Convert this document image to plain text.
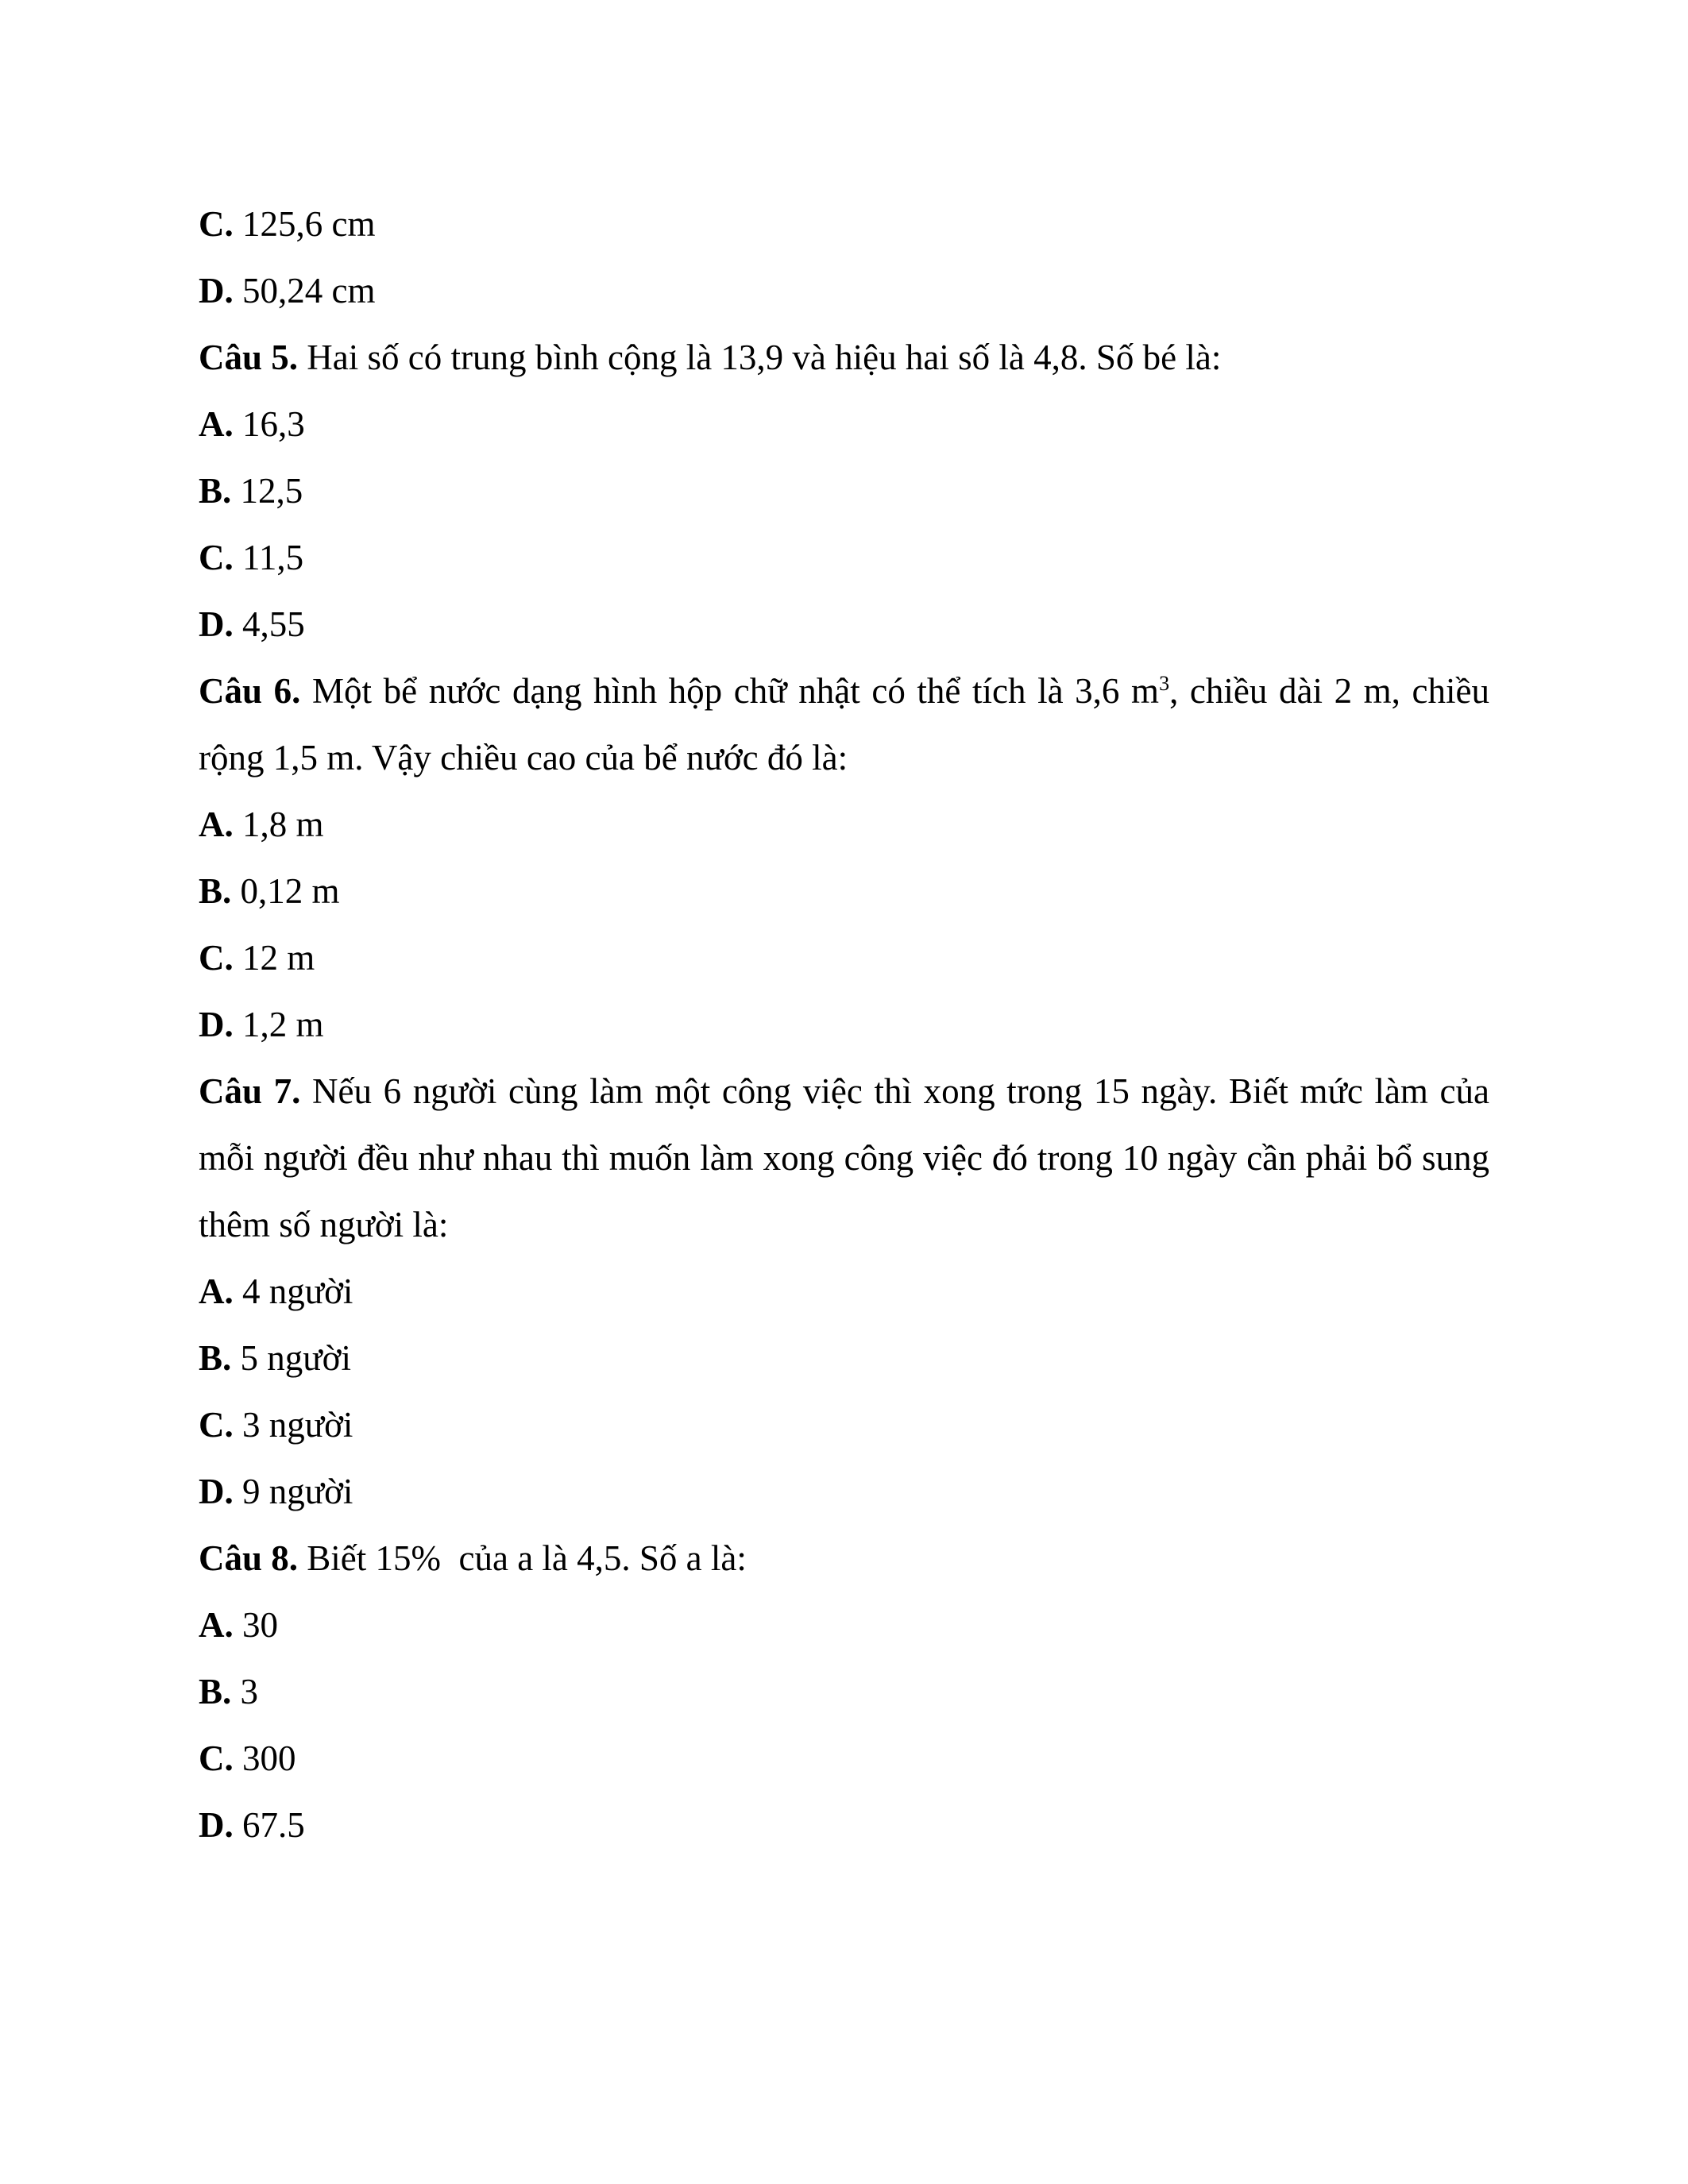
C. 125,6 cm
D. 50,24 cm
Câu 5. Hai số có trung bình cộng là 13,9 và hiệu hai số là 4,8. Số bé là:
A. 16,3
B. 12,5
C. 11,5
D. 4,55
Câu 6. Một bể nước dạng hình hộp chữ nhật có thể tích là 3,6 $m^3$, chiều dài 2 m, chiều rộng 1,5 m. Vậy chiều cao của bể nước đó là:
A. 1,8 m
B. 0,12 m
C. 12 m
D. 1,2 m
Câu 7. Nếu 6 người cùng làm một công việc thì xong trong 15 ngày. Biết mức làm của mỗi người đều như nhau thì muốn làm xong công việc đó trong 10 ngày cần phải bổ sung thêm số người là:
A. 4 người
B. 5 người
C. 3 người
D. 9 người
Câu 8. Biết 15%  của a là 4,5. Số a là:
A. 30
B. 3
C. 300
D. 67.5
